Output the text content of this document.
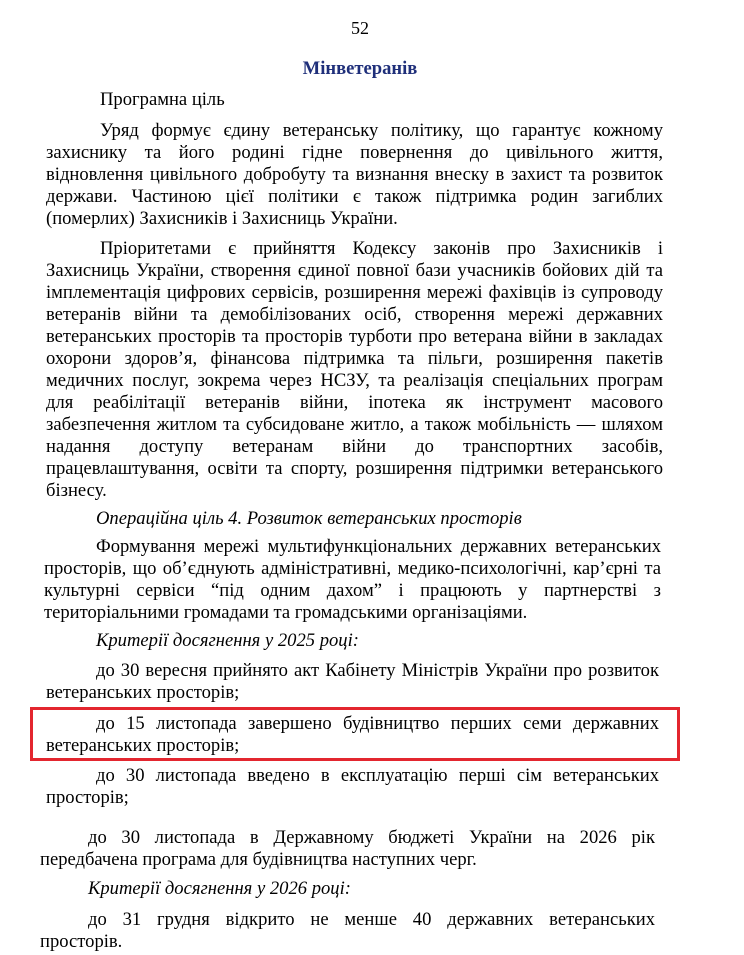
52
Мінветеранів
Програмна ціль
Уряд формує єдину ветеранську політику, що гарантує кожному
захиснику та його родині гідне повернення до цивільного життя,
відновлення цивільного добробуту та визнання внеску в захист та розвиток
держави. Частиною цієї політики є також підтримка родин загиблих
(померлих) Захисників і Захисниць України.
Пріоритетами є прийняття Кодексу законів про Захисників і
Захисниць України, створення єдиної повної бази учасників бойових дій та
імплементація цифрових сервісів, розширення мережі фахівців із супроводу
ветеранів війни та демобілізованих осіб, створення мережі державних
ветеранських просторів та просторів турботи про ветерана війни в закладах
охорони здоров’я, фінансова підтримка та пільги, розширення пакетів
медичних послуг, зокрема через НСЗУ, та реалізація спеціальних програм
для реабілітації ветеранів війни, іпотека як інструмент масового
забезпечення житлом та субсидоване житло, а також мобільність — шляхом
надання доступу ветеранам війни до транспортних засобів,
працевлаштування, освіти та спорту, розширення підтримки ветеранського
бізнесу.
Операційна ціль 4. Розвиток ветеранських просторів
Формування мережі мультифункціональних державних ветеранських
просторів, що об’єднують адміністративні, медико-психологічні, кар’єрні та
культурні сервіси “під одним дахом” і працюють у партнерстві з
територіальними громадами та громадськими організаціями.
Критерії досягнення у 2025 році:
до 30 вересня прийнято акт Кабінету Міністрів України про розвиток
ветеранських просторів;
до 15 листопада завершено будівництво перших семи державних
ветеранських просторів;
до 30 листопада введено в експлуатацію перші сім ветеранських
просторів;
до 30 листопада в Державному бюджеті України на 2026 рік
передбачена програма для будівництва наступних черг.
Критерії досягнення у 2026 році:
до 31 грудня відкрито не менше 40 державних ветеранських
просторів.
